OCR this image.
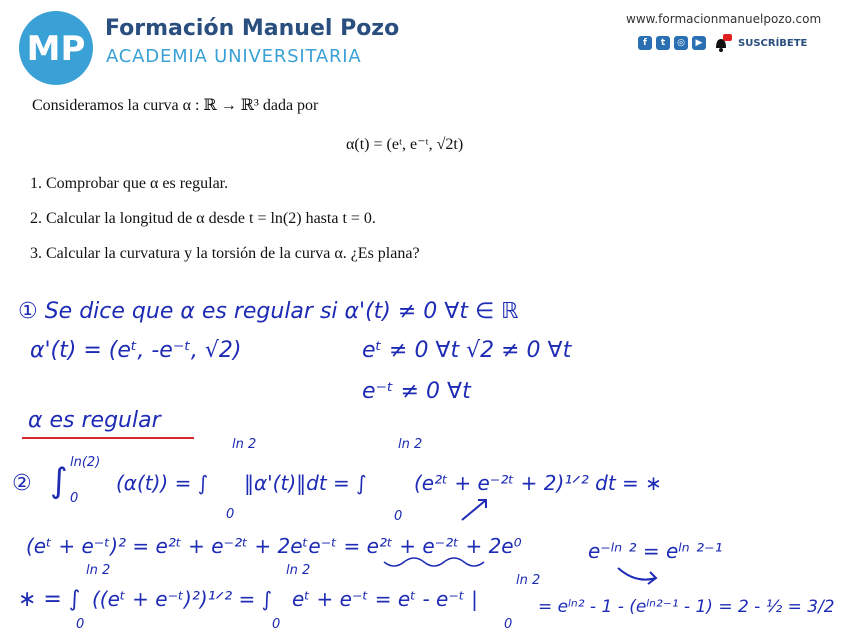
MP
Formación Manuel Pozo
ACADEMIA UNIVERSITARIA
www.formacionmanuelpozo.com
f	t	◎	▶	SUSCRÍBETE
Consideramos la curva α : ℝ → ℝ³ dada por
α(t) = (eᵗ, e⁻ᵗ, √2t)
1. Comprobar que α es regular.
2. Calcular la longitud de α desde t = ln(2) hasta t = 0.
3. Calcular la curvatura y la torsión de la curva α. ¿Es plana?
① Se dice que α es regular si α'(t) ≠ 0 ∀t ∈ ℝ
α'(t) = (eᵗ, -e⁻ᵗ, √2)	eᵗ ≠ 0 ∀t √2 ≠ 0 ∀t
e⁻ᵗ ≠ 0 ∀t
α es regular
② ∫ ln(2)
0
(α(t)) = ∫
ln 2
0
‖α'(t)‖dt = ∫
ln 2
0
(e²ᵗ + e⁻²ᵗ + 2)¹ᐟ² dt = ∗
(eᵗ + e⁻ᵗ)² = e²ᵗ + e⁻²ᵗ + 2eᵗe⁻ᵗ = e²ᵗ + e⁻²ᵗ + 2e⁰	e⁻ˡⁿ ² = eˡⁿ ²⁻¹
∗ = ∫
ln 2
0
((eᵗ + e⁻ᵗ)²)¹ᐟ² = ∫
ln 2
0
eᵗ + e⁻ᵗ = eᵗ - e⁻ᵗ |
ln 2
0
= eˡⁿ² - 1 - (eˡⁿ²⁻¹ - 1) = 2 - ½ = 3/2
